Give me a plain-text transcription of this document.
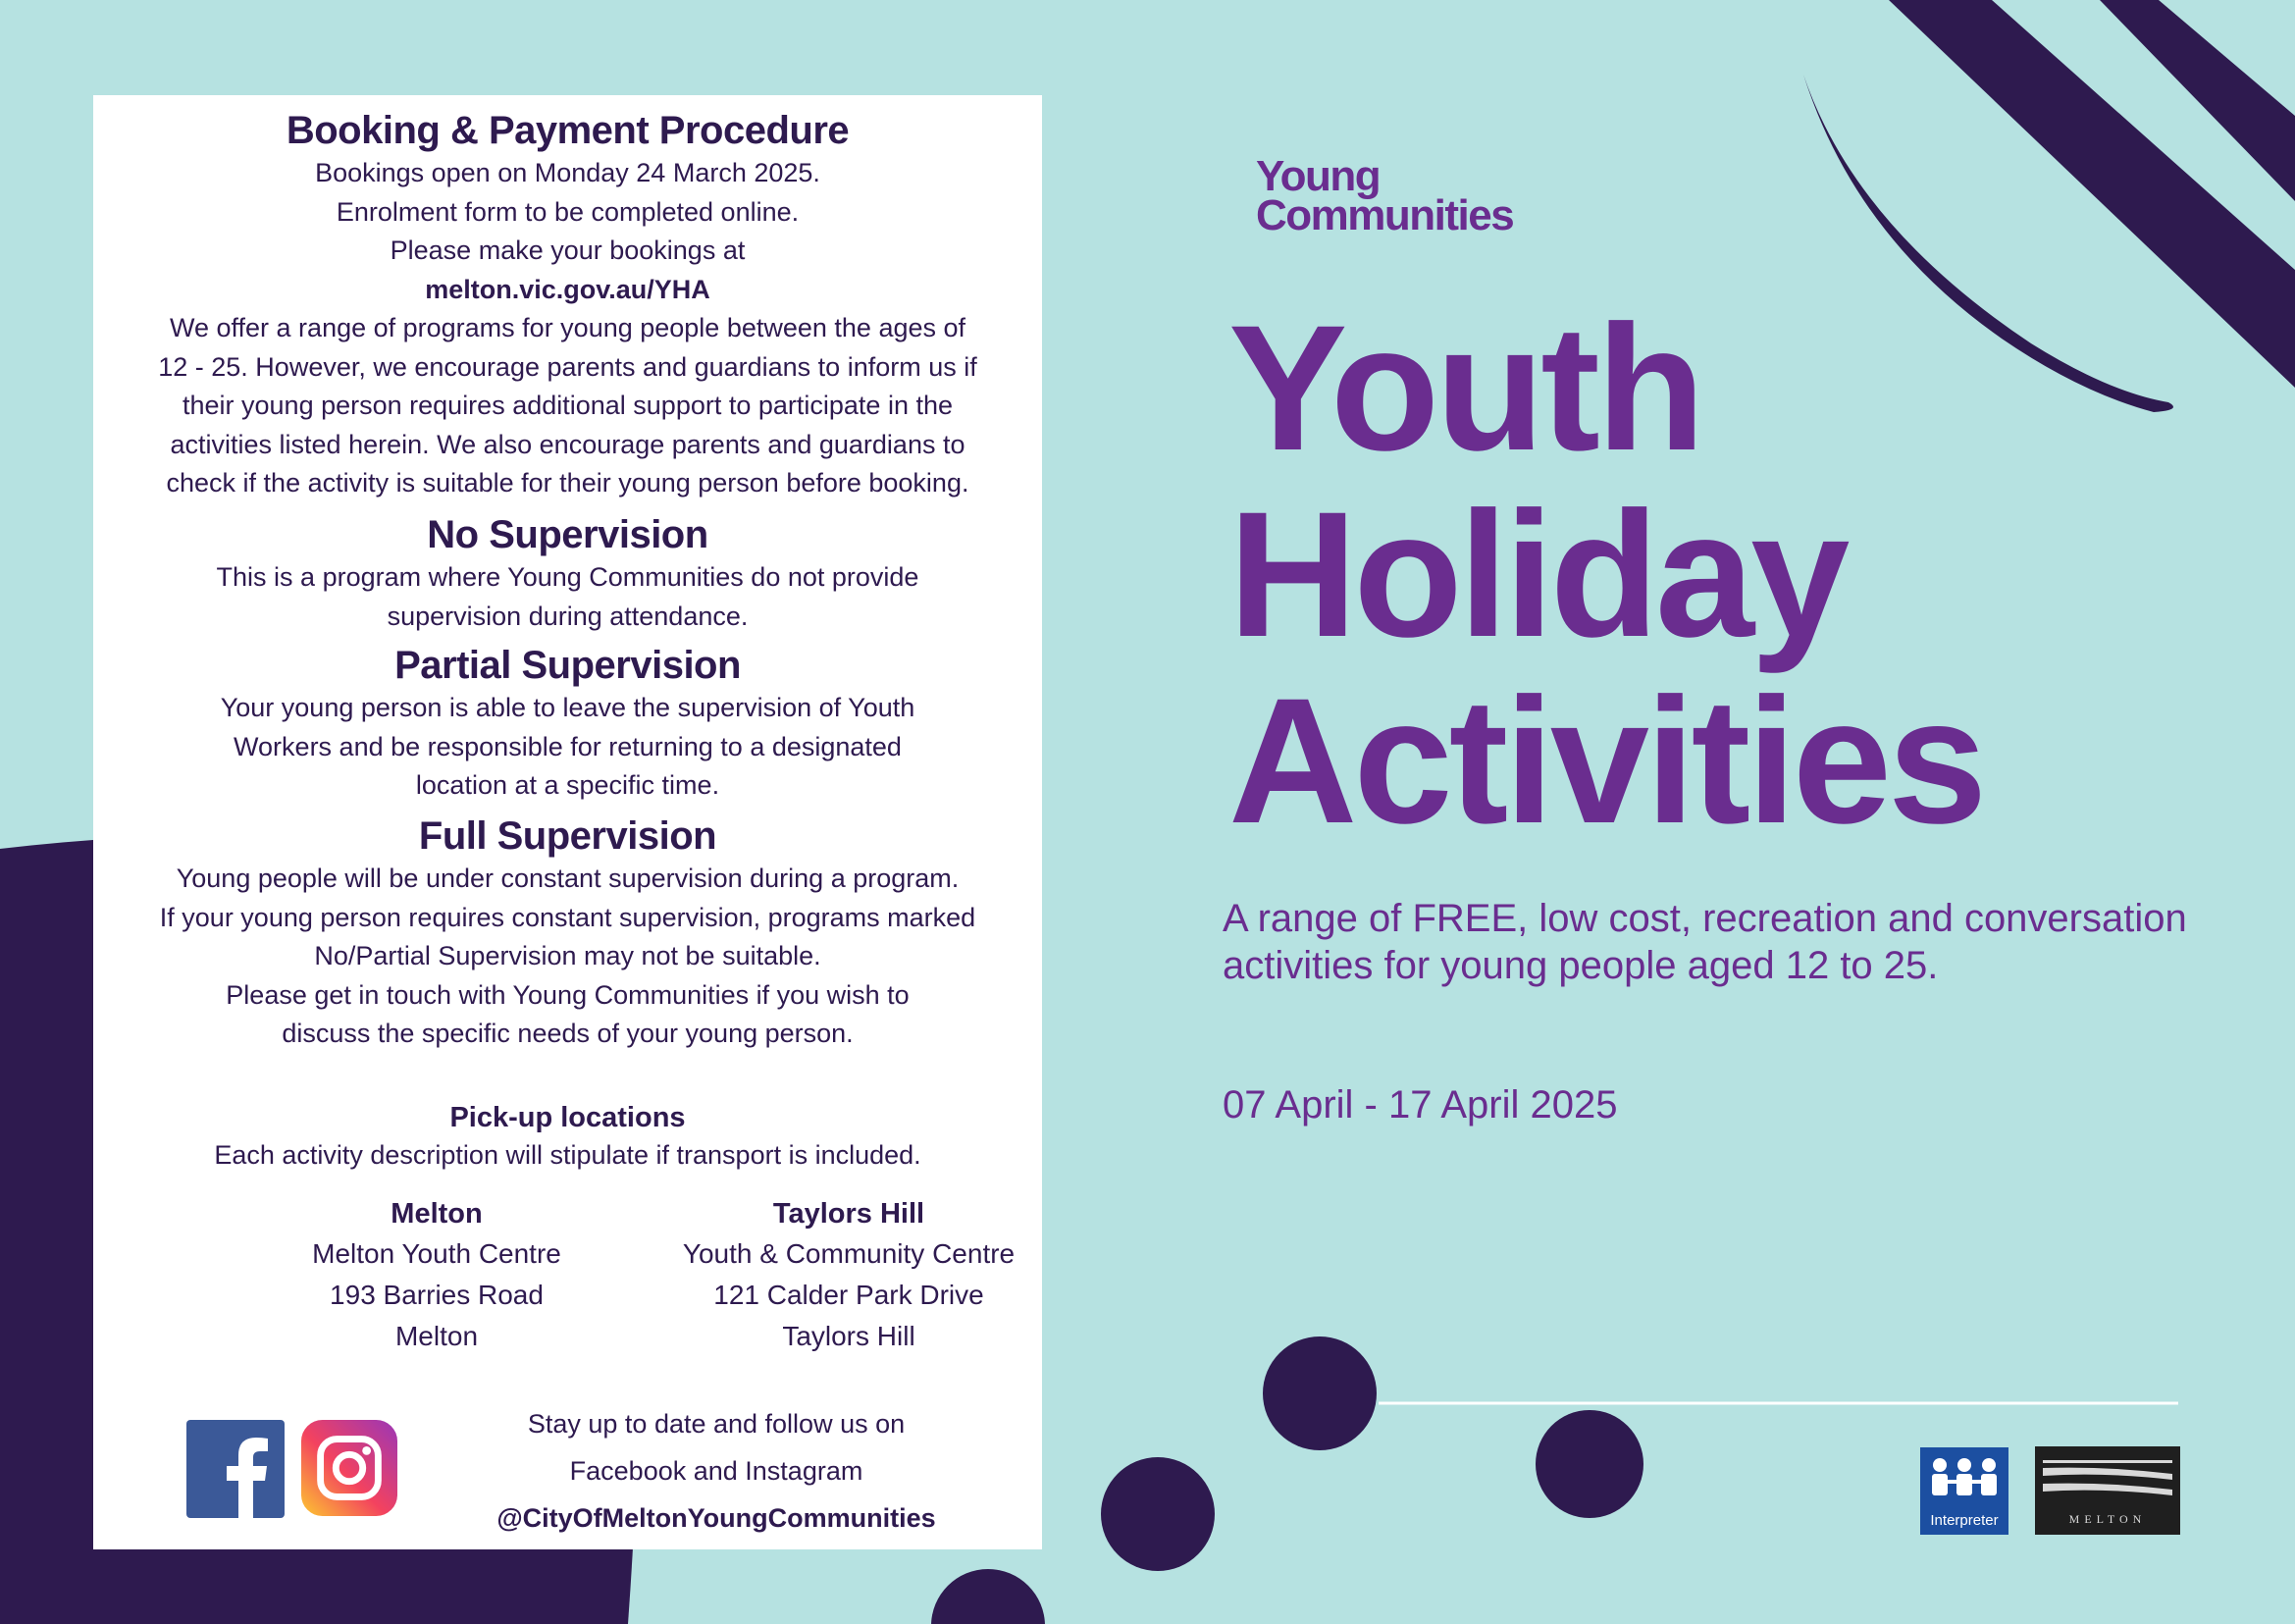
Booking & Payment Procedure
Bookings open on Monday 24 March 2025.
Enrolment form to be completed online.
Please make your bookings at
melton.vic.gov.au/YHA
We offer a range of programs for young people between the ages of
12 - 25. However, we encourage parents and guardians to inform us if
their young person requires additional support to participate in the
activities listed herein. We also encourage parents and guardians to
check if the activity is suitable for their young person before booking.
No Supervision
This is a program where Young Communities do not provide
supervision during attendance.
Partial Supervision
Your young person is able to leave the supervision of Youth
Workers and be responsible for returning to a designated
location at a specific time.
Full Supervision
Young people will be under constant supervision during a program.
If your young person requires constant supervision, programs marked
No/Partial Supervision may not be suitable.
Please get in touch with Young Communities if you wish to
discuss the specific needs of your young person.
Pick-up locations
Each activity description will stipulate if transport is included.
Melton
Melton Youth Centre
193 Barries Road
Melton
Taylors Hill
Youth & Community Centre
121 Calder Park Drive
Taylors Hill
Stay up to date and follow us on
Facebook and Instagram
@CityOfMeltonYoungCommunities
Young
Communities
Youth
Holiday
Activities
A range of FREE, low cost, recreation and conversation
activities for young people aged 12 to 25.
07 April - 17 April 2025
Interpreter	MELTON
